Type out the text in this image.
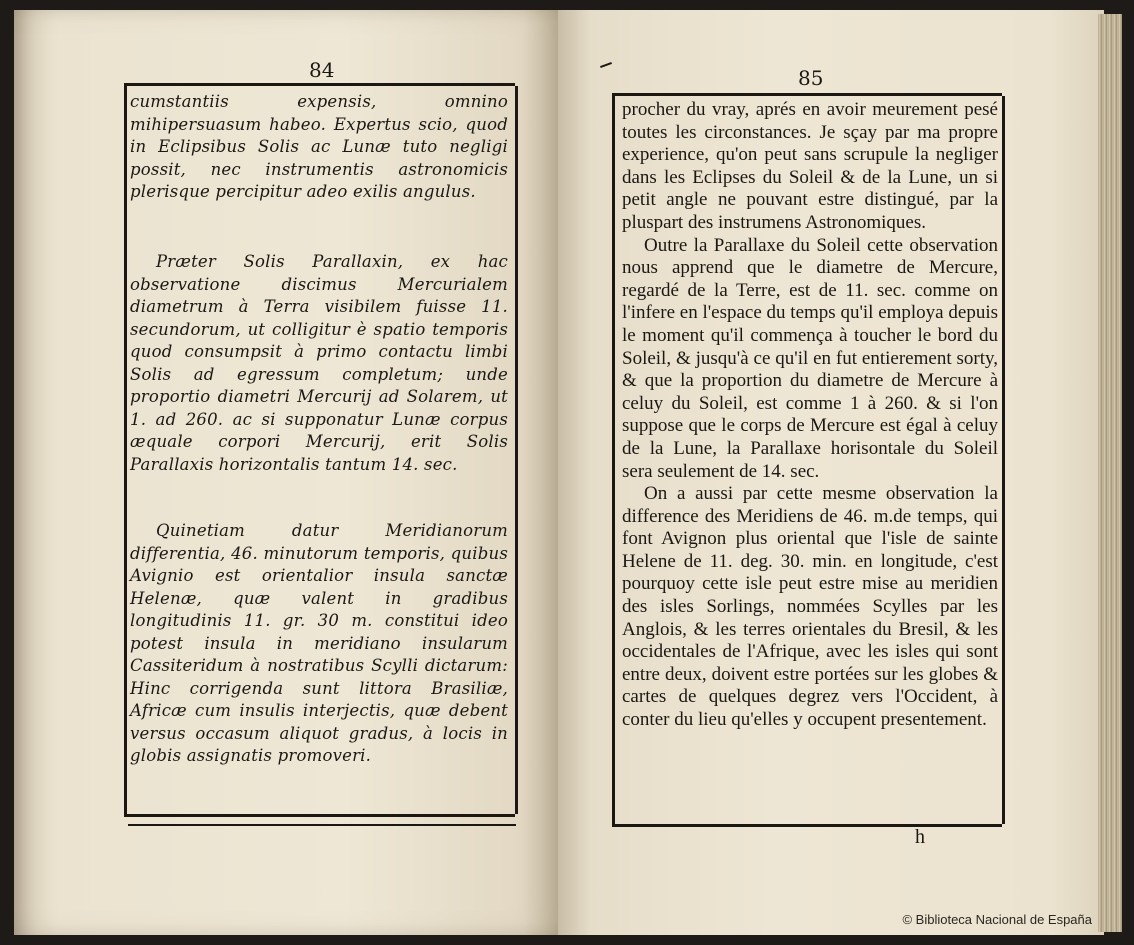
84

cumstantiis expensis, omnino mihipersuasum habeo. Expertus scio, quod in Eclipsibus Solis ac Lunæ tuto negligi possit, nec instrumentis astronomicis plerisque percipitur adeo exilis angulus.

Præter Solis Parallaxin, ex hac observatione discimus Mercurialem diametrum à Terra visibilem fuisse 11. secundorum, ut colligitur è spatio temporis quod consumpsit à primo contactu limbi Solis ad egressum completum; unde proportio diametri Mercurij ad Solarem, ut 1. ad 260. ac si supponatur Lunæ corpus æquale corpori Mercurij, erit Solis Parallaxis horizontalis tantum 14. sec.

Quinetiam datur Meridianorum differentia, 46. minutorum temporis, quibus Avignio est orientalior insula sanctæ Helenæ, quæ valent in gradibus longitudinis 11. gr. 30 m. constitui ideo potest insula in meridiano insularum Cassiteridum à nostratibus Scylli dictarum: Hinc corrigenda sunt littora Brasiliæ, Africæ cum insulis interjectis, quæ debent versus occasum aliquot gradus, à locis in globis assignatis promoveri.

85

procher du vray, aprés en avoir meurement pesé toutes les circonstances. Je sçay par ma propre experience, qu'on peut sans scrupule la negliger dans les Eclipses du Soleil & de la Lune, un si petit angle ne pouvant estre distingué, par la pluspart des instrumens Astronomiques.

Outre la Parallaxe du Soleil cette observation nous apprend que le diametre de Mercure, regardé de la Terre, est de 11. sec. comme on l'infere en l'espace du temps qu'il employa depuis le moment qu'il commença à toucher le bord du Soleil, & jusqu'à ce qu'il en fut entierement sorty, & que la proportion du diametre de Mercure à celuy du Soleil, est comme 1 à 260. & si l'on suppose que le corps de Mercure est égal à celuy de la Lune, la Parallaxe horisontale du Soleil sera seulement de 14. sec.

On a aussi par cette mesme observation la difference des Meridiens de 46. m.de temps, qui font Avignon plus oriental que l'isle de sainte Helene de 11. deg. 30. min. en longitude, c'est pourquoy cette isle peut estre mise au meridien des isles Sorlings, nommées Scylles par les Anglois, & les terres orientales du Bresil, & les occidentales de l'Afrique, avec les isles qui sont entre deux, doivent estre portées sur les globes & cartes de quelques degrez vers l'Occident, à conter du lieu qu'elles y occupent presentement.

h
© Biblioteca Nacional de España
